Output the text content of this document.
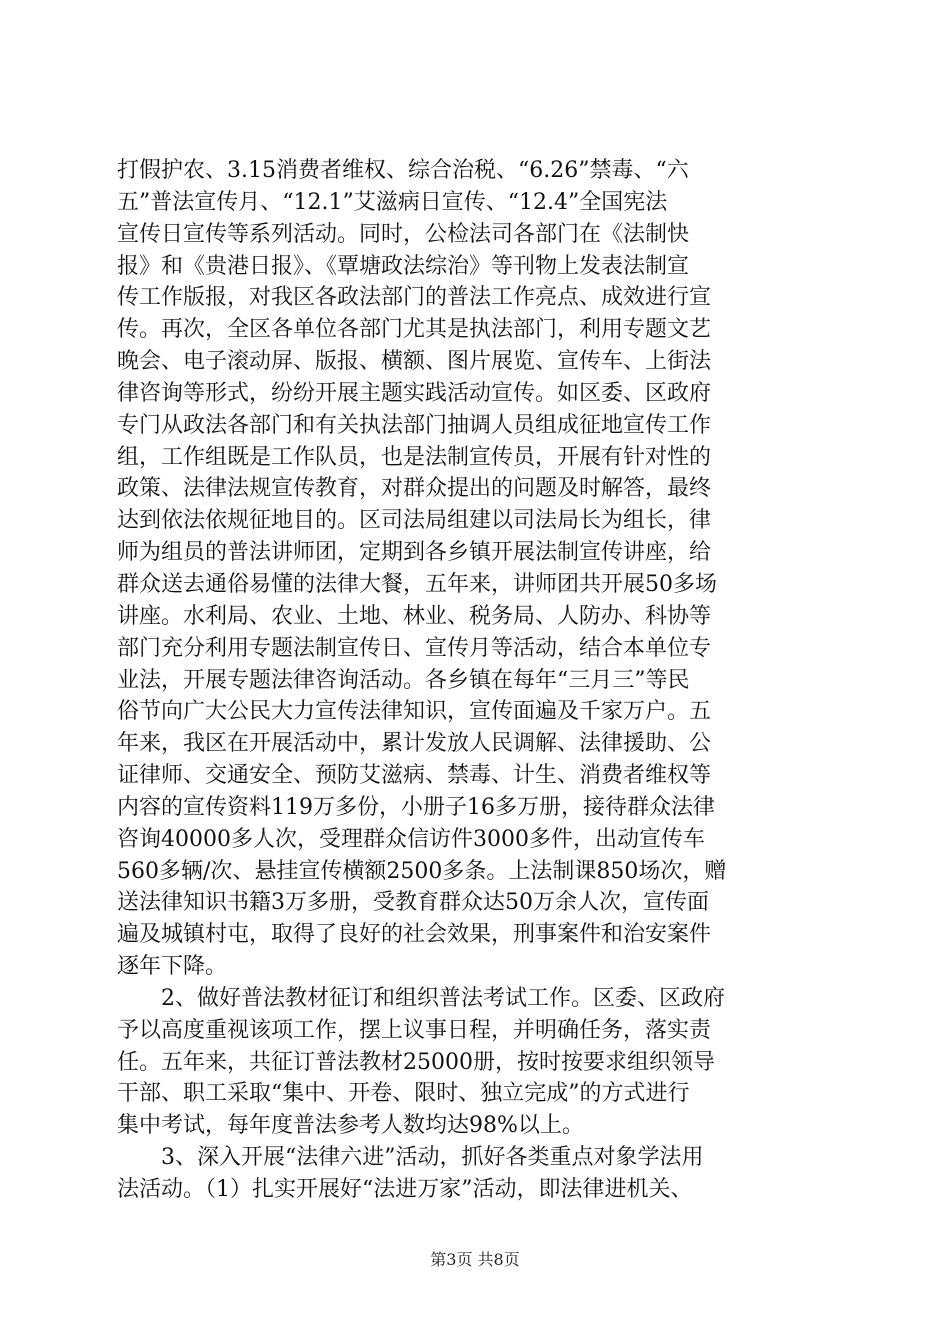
打假护农、3.15消费者维权、综合治税、“6.26”禁毒、“六
五”普法宣传月、“12.1”艾滋病日宣传、“12.4”全国宪法
宣传日宣传等系列活动。同时，公检法司各部门在《法制快
报》和《贵港日报》、《覃塘政法综治》等刊物上发表法制宣
传工作版报，对我区各政法部门的普法工作亮点、成效进行宣
传。再次，全区各单位各部门尤其是执法部门，利用专题文艺
晚会、电子滚动屏、版报、横额、图片展览、宣传车、上街法
律咨询等形式，纷纷开展主题实践活动宣传。如区委、区政府
专门从政法各部门和有关执法部门抽调人员组成征地宣传工作
组，工作组既是工作队员，也是法制宣传员，开展有针对性的
政策、法律法规宣传教育，对群众提出的问题及时解答，最终
达到依法依规征地目的。区司法局组建以司法局长为组长，律
师为组员的普法讲师团，定期到各乡镇开展法制宣传讲座，给
群众送去通俗易懂的法律大餐，五年来，讲师团共开展50多场
讲座。水利局、农业、土地、林业、税务局、人防办、科协等
部门充分利用专题法制宣传日、宣传月等活动，结合本单位专
业法，开展专题法律咨询活动。各乡镇在每年“三月三”等民
俗节向广大公民大力宣传法律知识，宣传面遍及千家万户。五
年来，我区在开展活动中，累计发放人民调解、法律援助、公
证律师、交通安全、预防艾滋病、禁毒、计生、消费者维权等
内容的宣传资料119万多份，小册子16多万册，接待群众法律
咨询40000多人次，受理群众信访件3000多件，出动宣传车
560多辆/次、悬挂宣传横额2500多条。上法制课850场次，赠
送法律知识书籍3万多册，受教育群众达50万余人次，宣传面
遍及城镇村屯，取得了良好的社会效果，刑事案件和治安案件
逐年下降。
2、做好普法教材征订和组织普法考试工作。区委、区政府
予以高度重视该项工作，摆上议事日程，并明确任务，落实责
任。五年来，共征订普法教材25000册，按时按要求组织领导
干部、职工采取“集中、开卷、限时、独立完成”的方式进行
集中考试，每年度普法参考人数均达98%以上。
3、深入开展“法律六进”活动，抓好各类重点对象学法用
法活动。（1）扎实开展好“法进万家”活动，即法律进机关、
第3页 共8页
